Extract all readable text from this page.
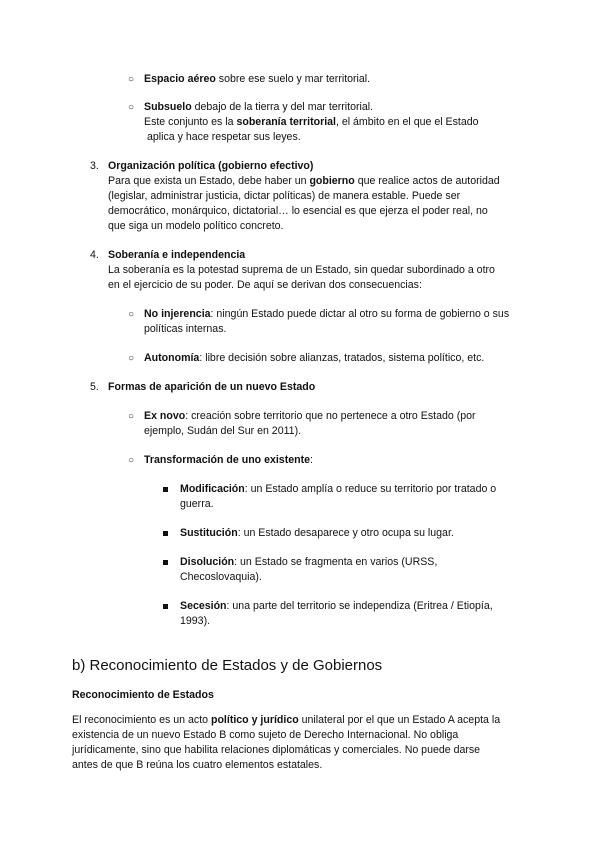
○ Espacio aéreo sobre ese suelo y mar territorial.

○ Subsuelo debajo de la tierra y del mar territorial.

Este conjunto es la soberanía territorial, el ámbito en el que el Estado
aplica y hace respetar sus leyes.

3. Organización política (gobierno efectivo)

Para que exista un Estado, debe haber un gobierno que realice actos de autoridad

(legislar, administrar justicia, dictar políticas) de manera estable. Puede ser

democrático, monárquico, dictatorial… lo esencial es que ejerza el poder real, no

que siga un modelo político concreto.

4. Soberanía e independencia

La soberanía es la potestad suprema de un Estado, sin quedar subordinado a otro

en el ejercicio de su poder. De aquí se derivan dos consecuencias:

○ No injerencia: ningún Estado puede dictar al otro su forma de gobierno o sus
políticas internas.

○ Autonomía: libre decisión sobre alianzas, tratados, sistema político, etc.

5. Formas de aparición de un nuevo Estado

○ Ex novo: creación sobre territorio que no pertenece a otro Estado (por
ejemplo, Sudán del Sur en 2011).

○ Transformación de uno existente:

Modificación: un Estado amplía o reduce su territorio por tratado o
guerra.

Sustitución: un Estado desaparece y otro ocupa su lugar.

Disolución: un Estado se fragmenta en varios (URSS,
Checoslovaquia).

Secesión: una parte del territorio se independiza (Eritrea / Etiopía,
1993).

b) Reconocimiento de Estados y de Gobiernos

Reconocimiento de Estados

El reconocimiento es un acto político y jurídico unilateral por el que un Estado A acepta la

existencia de un nuevo Estado B como sujeto de Derecho Internacional. No obliga

jurídicamente, sino que habilita relaciones diplomáticas y comerciales. No puede darse

antes de que B reúna los cuatro elementos estatales.
